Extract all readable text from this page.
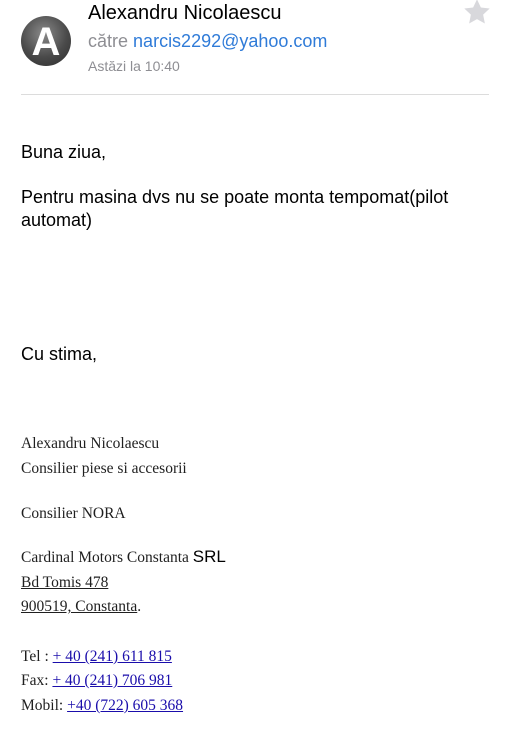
A
Alexandru Nicolaescu
către narcis2292@yahoo.com
Astăzi la 10:40
Buna ziua,
Pentru masina dvs nu se poate monta tempomat(pilot automat)
Cu stima,
Alexandru Nicolaescu
Consilier piese si accesorii
Consilier NORA
Cardinal Motors Constanta SRL
Bd Tomis 478
900519, Constanta.
Tel : + 40 (241) 611 815
Fax: + 40 (241) 706 981
Mobil: +40 (722) 605 368
